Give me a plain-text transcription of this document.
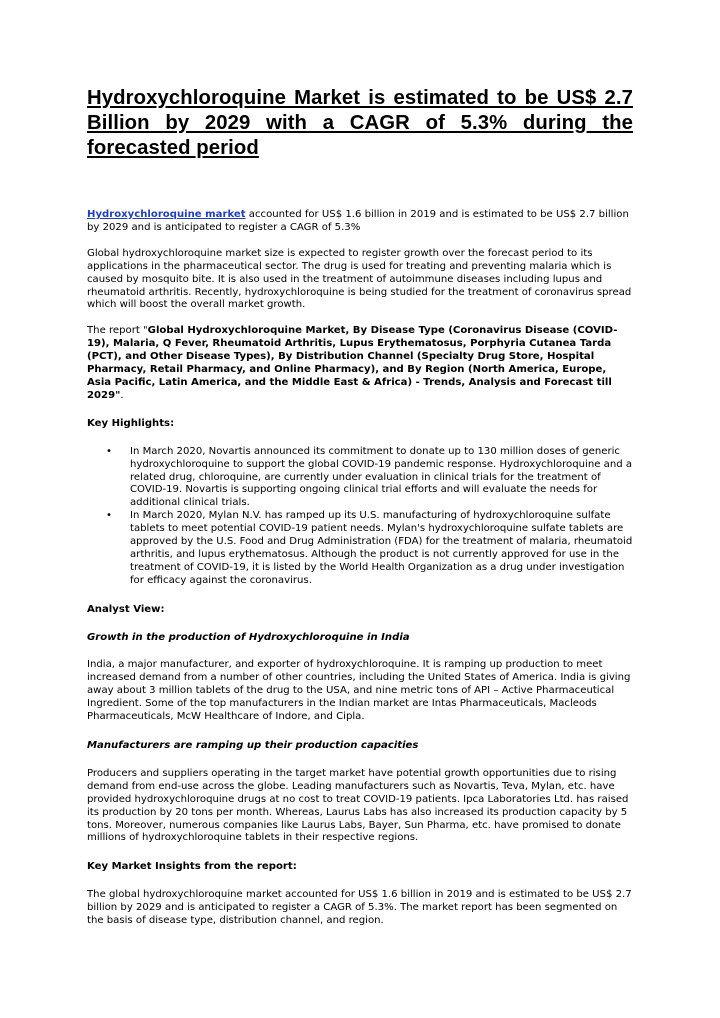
Hydroxychloroquine Market is estimated to be US$ 2.7 Billion by 2029 with a CAGR of 5.3% during the forecasted period

Hydroxychloroquine market accounted for US$ 1.6 billion in 2019 and is estimated to be US$ 2.7 billion by 2029 and is anticipated to register a CAGR of 5.3%

Global hydroxychloroquine market size is expected to register growth over the forecast period to its applications in the pharmaceutical sector. The drug is used for treating and preventing malaria which is caused by mosquito bite. It is also used in the treatment of autoimmune diseases including lupus and rheumatoid arthritis. Recently, hydroxychloroquine is being studied for the treatment of coronavirus spread which will boost the overall market growth.

The report "Global Hydroxychloroquine Market, By Disease Type (Coronavirus Disease (COVID-19), Malaria, Q Fever, Rheumatoid Arthritis, Lupus Erythematosus, Porphyria Cutanea Tarda (PCT), and Other Disease Types), By Distribution Channel (Specialty Drug Store, Hospital Pharmacy, Retail Pharmacy, and Online Pharmacy), and By Region (North America, Europe, Asia Pacific, Latin America, and the Middle East & Africa) - Trends, Analysis and Forecast till 2029".

Key Highlights:

• In March 2020, Novartis announced its commitment to donate up to 130 million doses of generic hydroxychloroquine to support the global COVID-19 pandemic response. Hydroxychloroquine and a related drug, chloroquine, are currently under evaluation in clinical trials for the treatment of COVID-19. Novartis is supporting ongoing clinical trial efforts and will evaluate the needs for additional clinical trials.
• In March 2020, Mylan N.V. has ramped up its U.S. manufacturing of hydroxychloroquine sulfate tablets to meet potential COVID-19 patient needs. Mylan's hydroxychloroquine sulfate tablets are approved by the U.S. Food and Drug Administration (FDA) for the treatment of malaria, rheumatoid arthritis, and lupus erythematosus. Although the product is not currently approved for use in the treatment of COVID-19, it is listed by the World Health Organization as a drug under investigation for efficacy against the coronavirus.

Analyst View:

Growth in the production of Hydroxychloroquine in India

India, a major manufacturer, and exporter of hydroxychloroquine. It is ramping up production to meet increased demand from a number of other countries, including the United States of America. India is giving away about 3 million tablets of the drug to the USA, and nine metric tons of API – Active Pharmaceutical Ingredient. Some of the top manufacturers in the Indian market are Intas Pharmaceuticals, Macleods Pharmaceuticals, McW Healthcare of Indore, and Cipla.

Manufacturers are ramping up their production capacities

Producers and suppliers operating in the target market have potential growth opportunities due to rising demand from end-use across the globe. Leading manufacturers such as Novartis, Teva, Mylan, etc. have provided hydroxychloroquine drugs at no cost to treat COVID-19 patients. Ipca Laboratories Ltd. has raised its production by 20 tons per month. Whereas, Laurus Labs has also increased its production capacity by 5 tons. Moreover, numerous companies like Laurus Labs, Bayer, Sun Pharma, etc. have promised to donate millions of hydroxychloroquine tablets in their respective regions.

Key Market Insights from the report:

The global hydroxychloroquine market accounted for US$ 1.6 billion in 2019 and is estimated to be US$ 2.7 billion by 2029 and is anticipated to register a CAGR of 5.3%. The market report has been segmented on the basis of disease type, distribution channel, and region.
